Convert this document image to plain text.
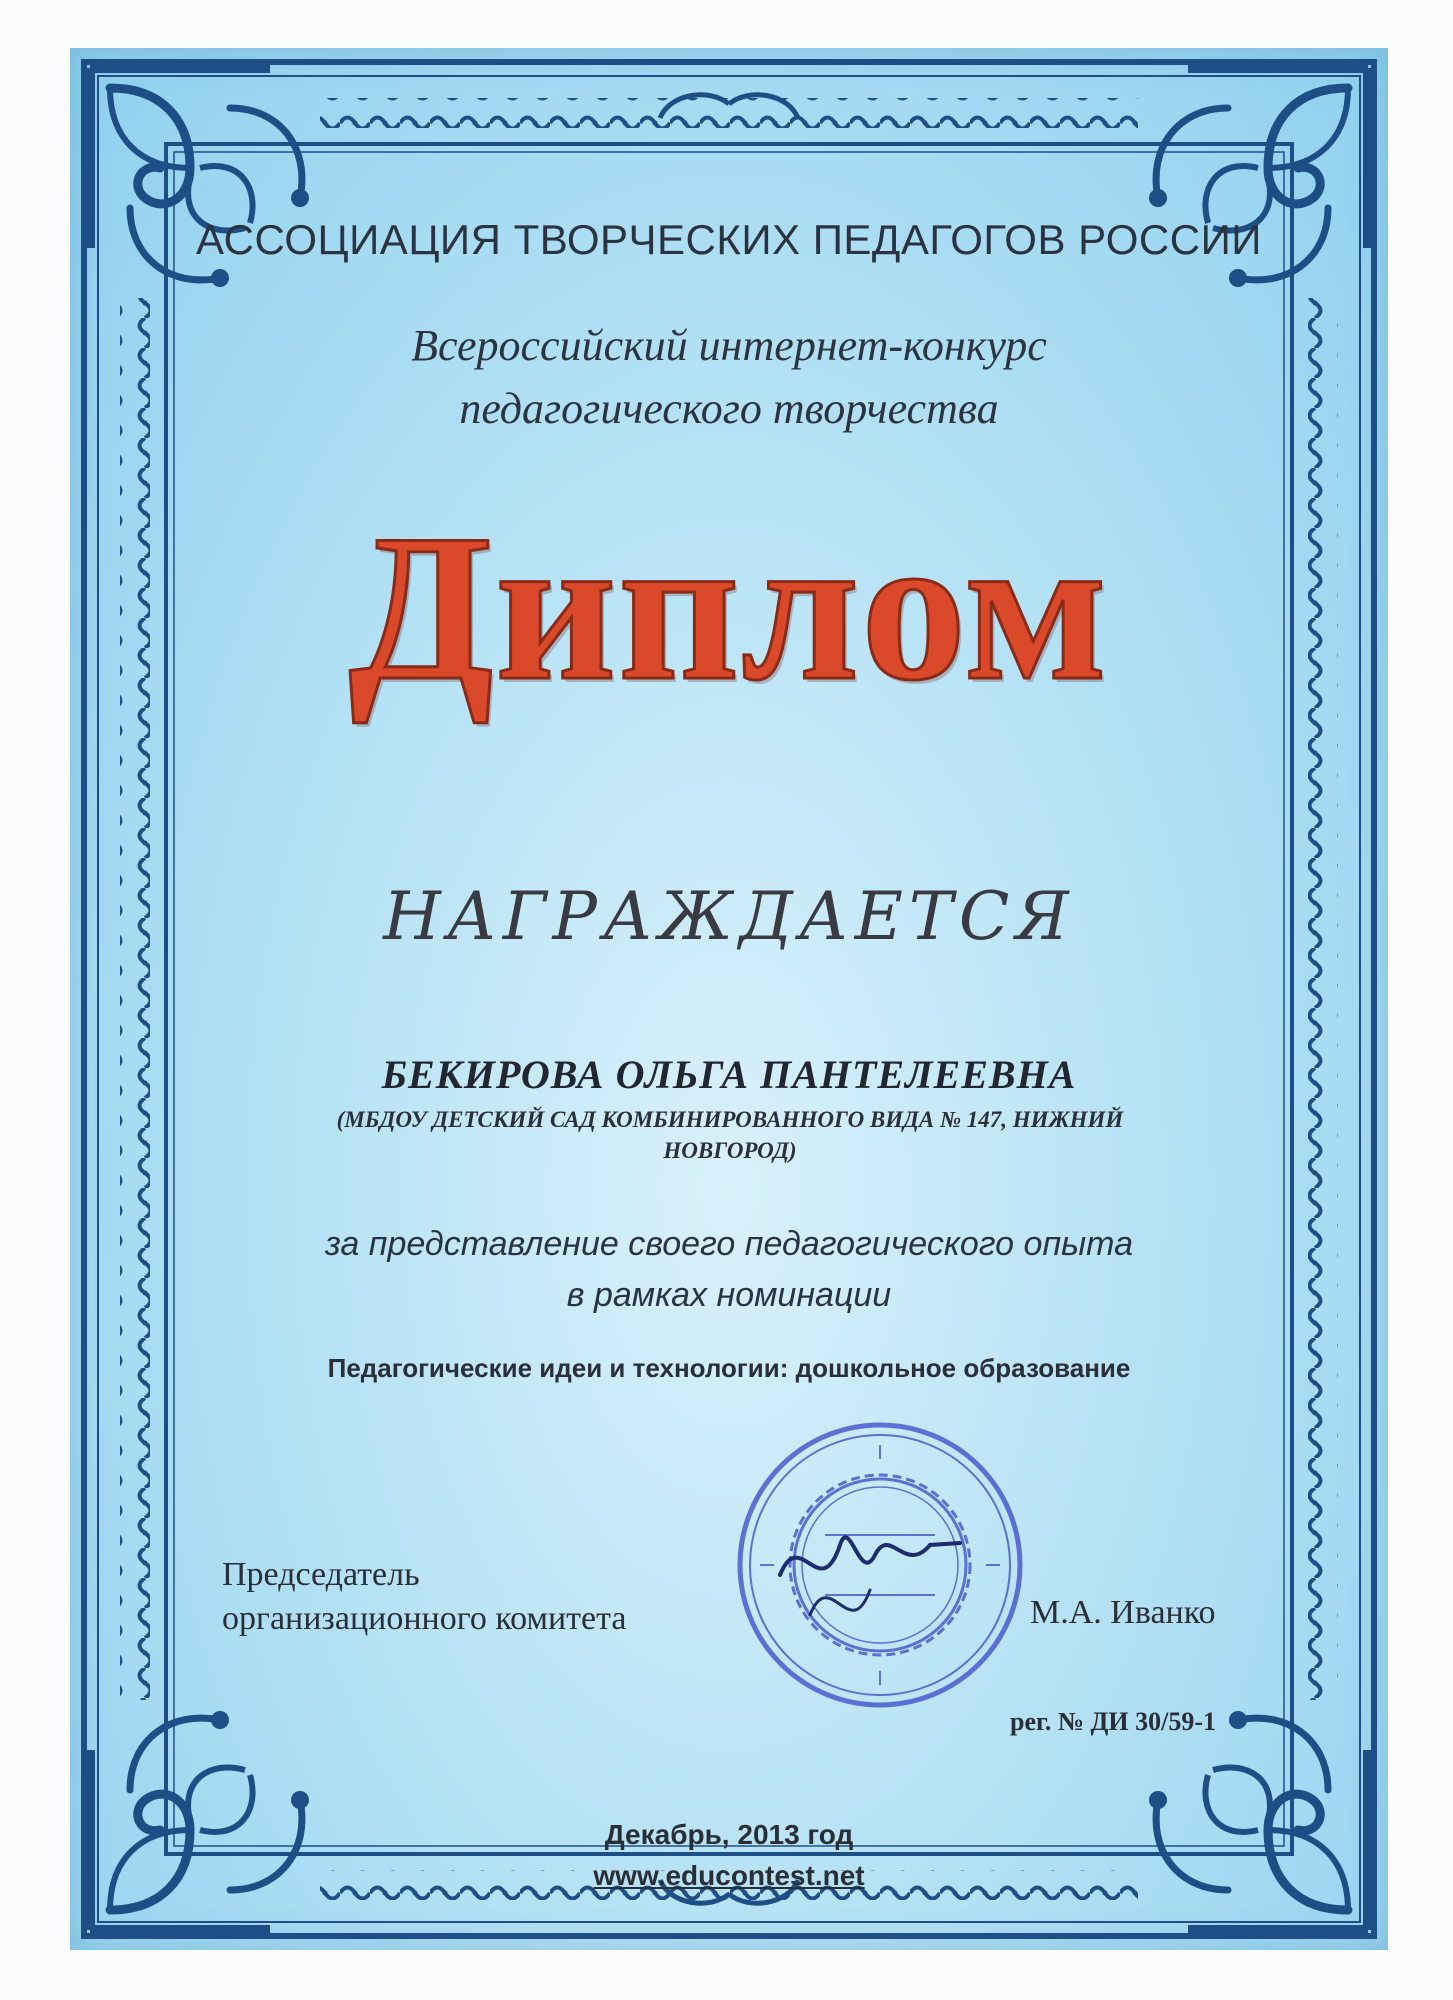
АССОЦИАЦИЯ ТВОРЧЕСКИХ ПЕДАГОГОВ РОССИИ

Всероссийский интернет-конкурс

педагогического творчества

Диплом

НАГРАЖДАЕТСЯ

БЕКИРОВА ОЛЬГА ПАНТЕЛЕЕВНА

(МБДОУ ДЕТСКИЙ САД КОМБИНИРОВАННОГО ВИДА № 147, НИЖНИЙ НОВГОРОД)

за представление своего педагогического опыта

в рамках номинации

Педагогические идеи и технологии: дошкольное образование

Председатель
организационного комитета	М.А. Иванко

рег. № ДИ 30/59-1

Декабрь, 2013 год

www.educontest.net
